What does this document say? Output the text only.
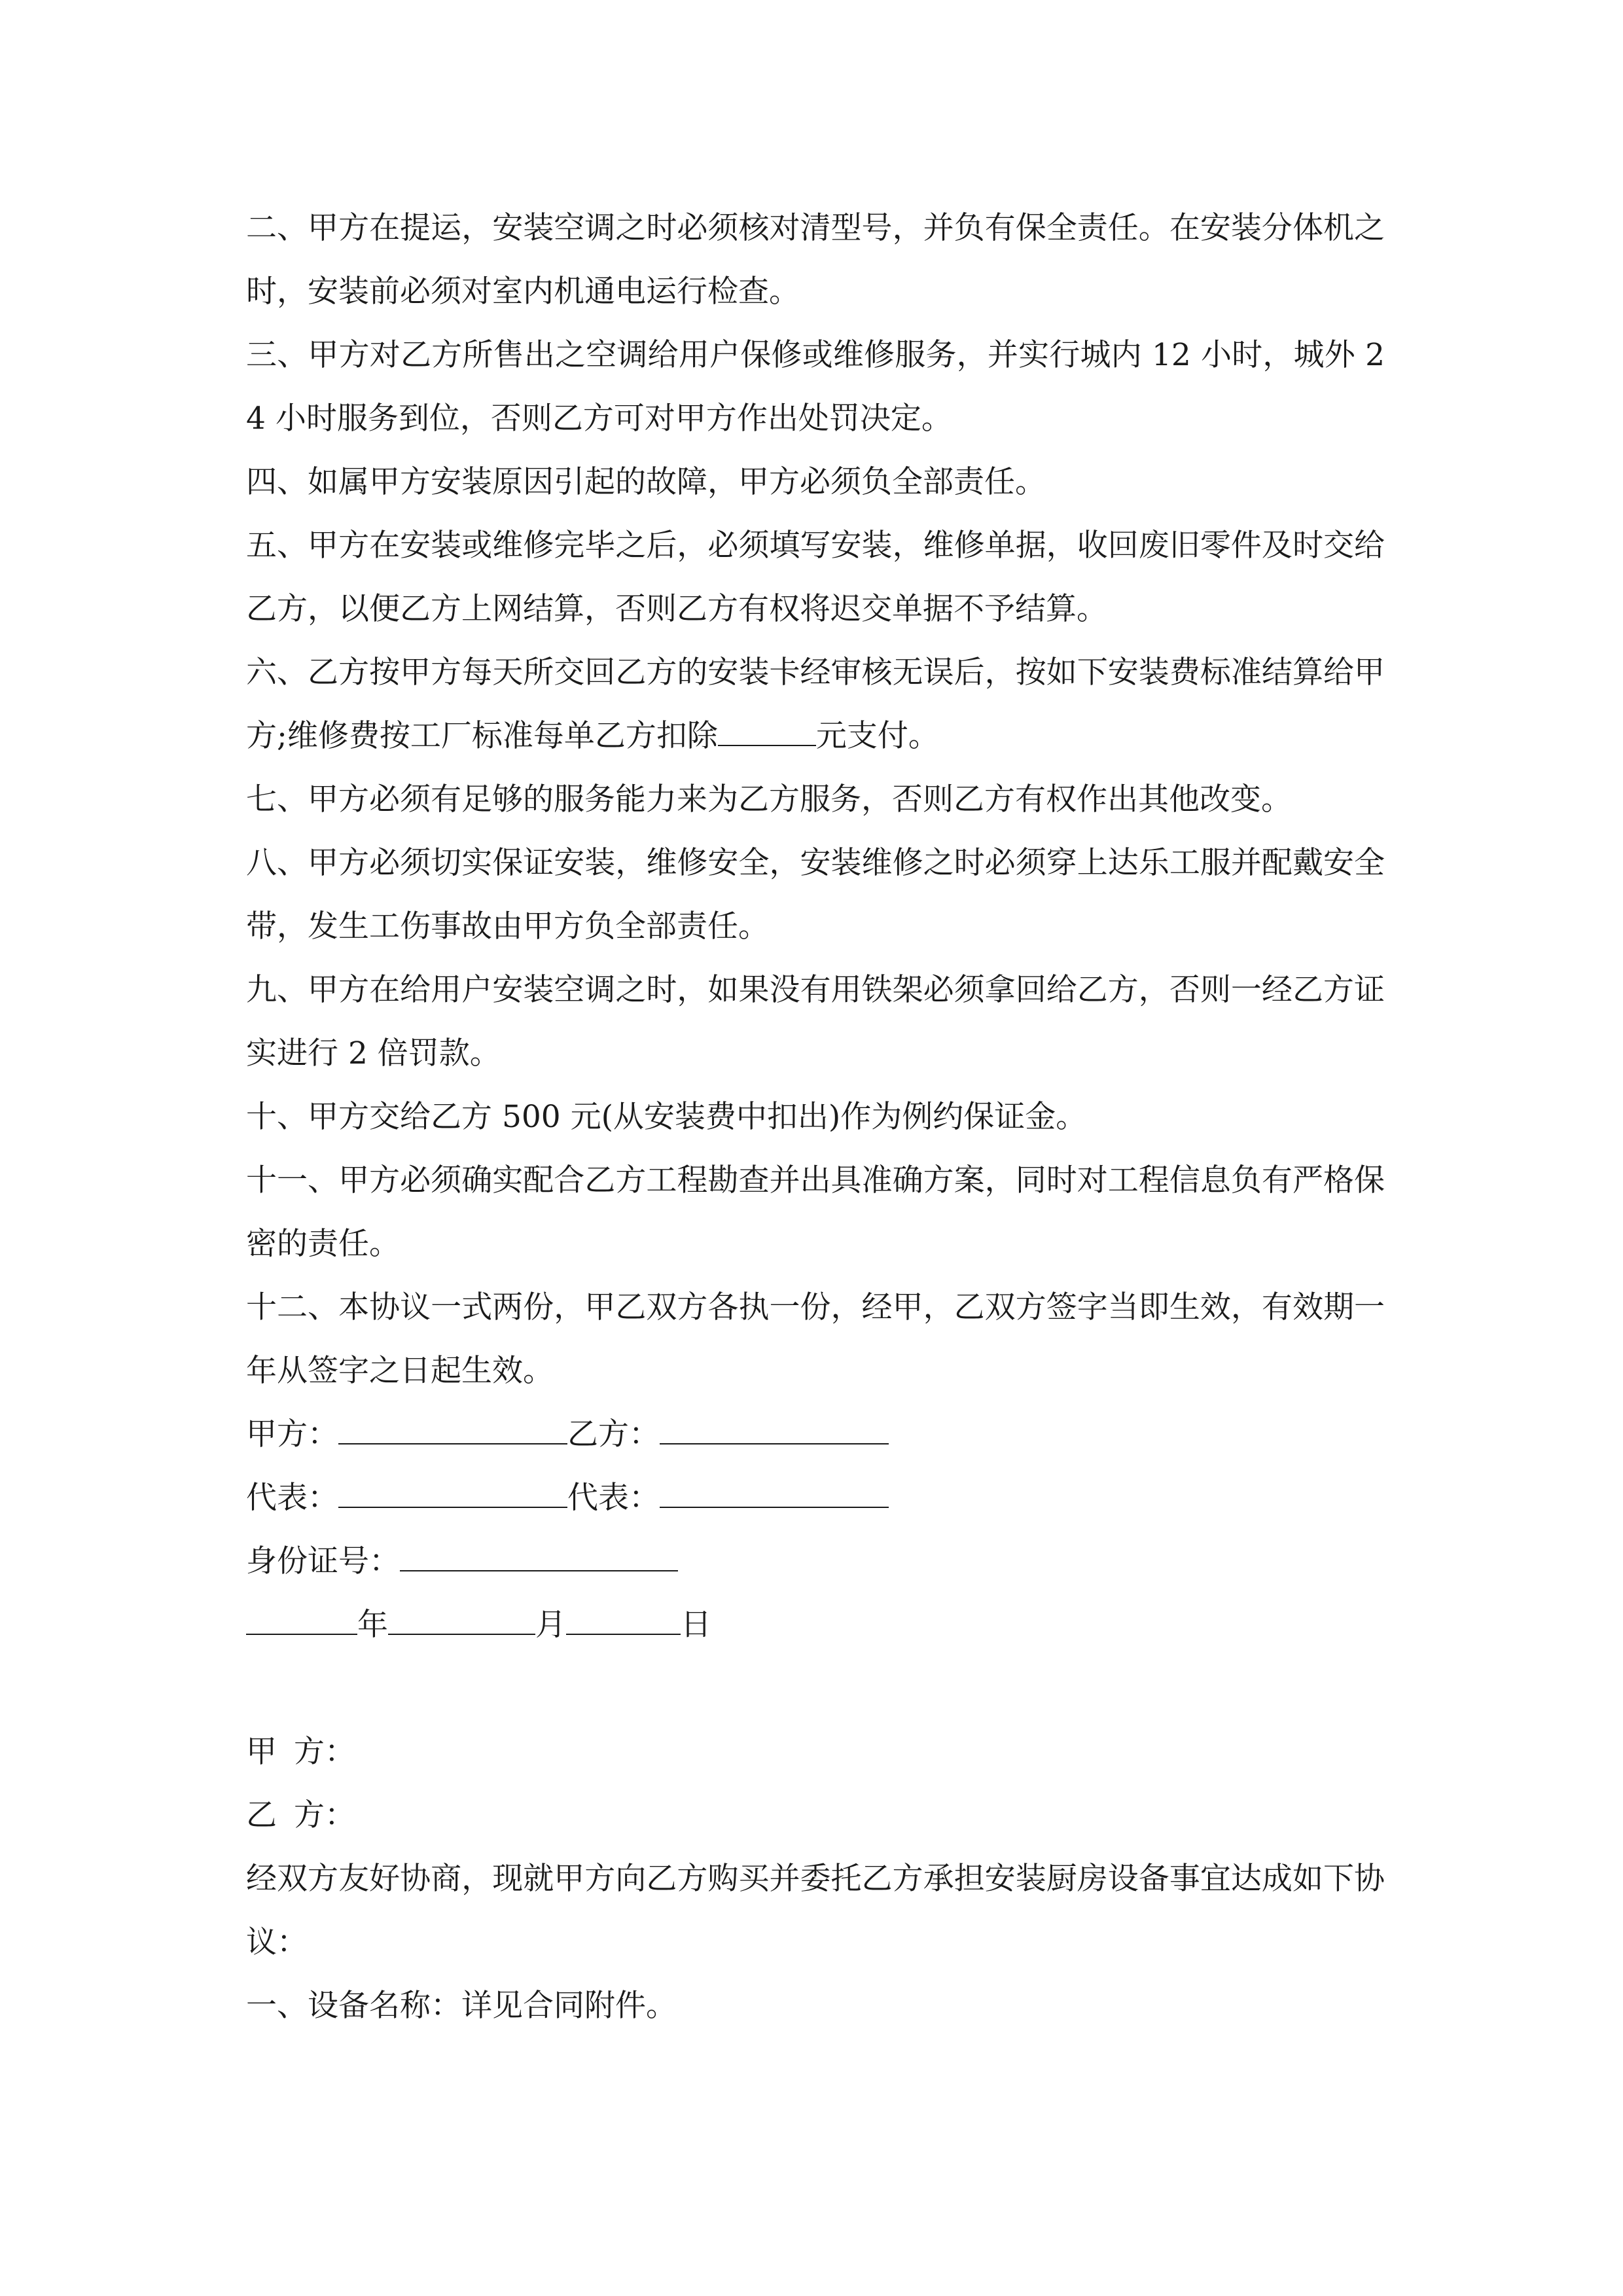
二、甲方在提运，安装空调之时必须核对清型号，并负有保全责任。在安装分体机之时，安装前必须对室内机通电运行检查。

三、甲方对乙方所售出之空调给用户保修或维修服务，并实行城内 12 小时，城外 24 小时服务到位，否则乙方可对甲方作出处罚决定。

四、如属甲方安装原因引起的故障，甲方必须负全部责任。

五、甲方在安装或维修完毕之后，必须填写安装，维修单据，收回废旧零件及时交给乙方，以便乙方上网结算，否则乙方有权将迟交单据不予结算。

六、乙方按甲方每天所交回乙方的安装卡经审核无误后，按如下安装费标准结算给甲方;维修费按工厂标准每单乙方扣除	元支付。

七、甲方必须有足够的服务能力来为乙方服务，否则乙方有权作出其他改变。

八、甲方必须切实保证安装，维修安全，安装维修之时必须穿上达乐工服并配戴安全带，发生工伤事故由甲方负全部责任。

九、甲方在给用户安装空调之时，如果没有用铁架必须拿回给乙方，否则一经乙方证实进行 2 倍罚款。

十、甲方交给乙方 500 元(从安装费中扣出)作为例约保证金。

十一、甲方必须确实配合乙方工程勘查并出具准确方案，同时对工程信息负有严格保密的责任。

十二、本协议一式两份，甲乙双方各执一份，经甲，乙双方签字当即生效，有效期一年从签字之日起生效。

甲方：	乙方：
代表：	代表：
身份证号：
年	月	日
甲 方：
乙 方：

经双方友好协商，现就甲方向乙方购买并委托乙方承担安装厨房设备事宜达成如下协议：

一、设备名称：详见合同附件。
